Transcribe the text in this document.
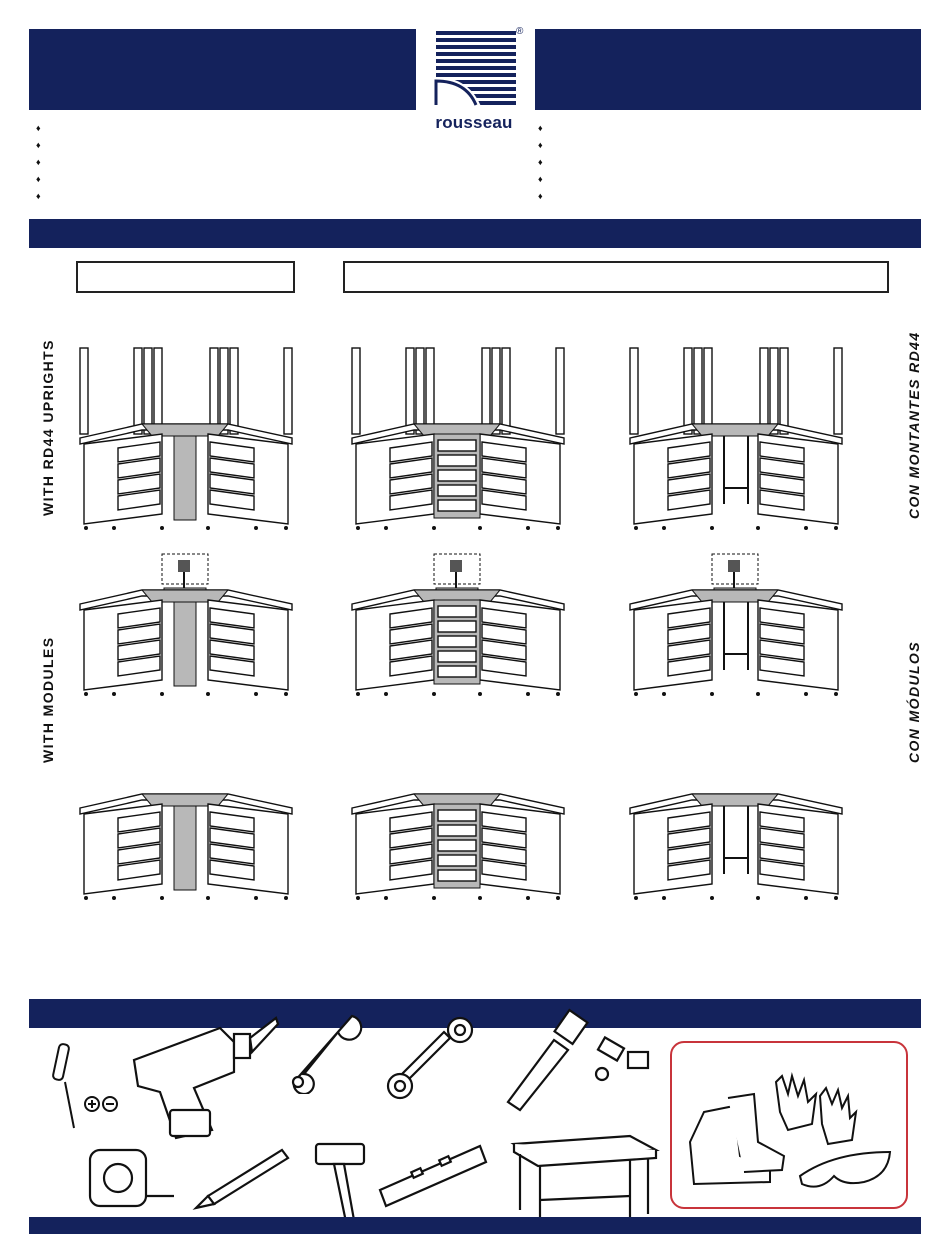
®
rousseau
♦
♦
♦
♦
♦
♦
♦
♦
♦
♦
WITH RD44 UPRIGHTS
WITH MODULES
CON MONTANTES RD44
CON MÓDULOS
